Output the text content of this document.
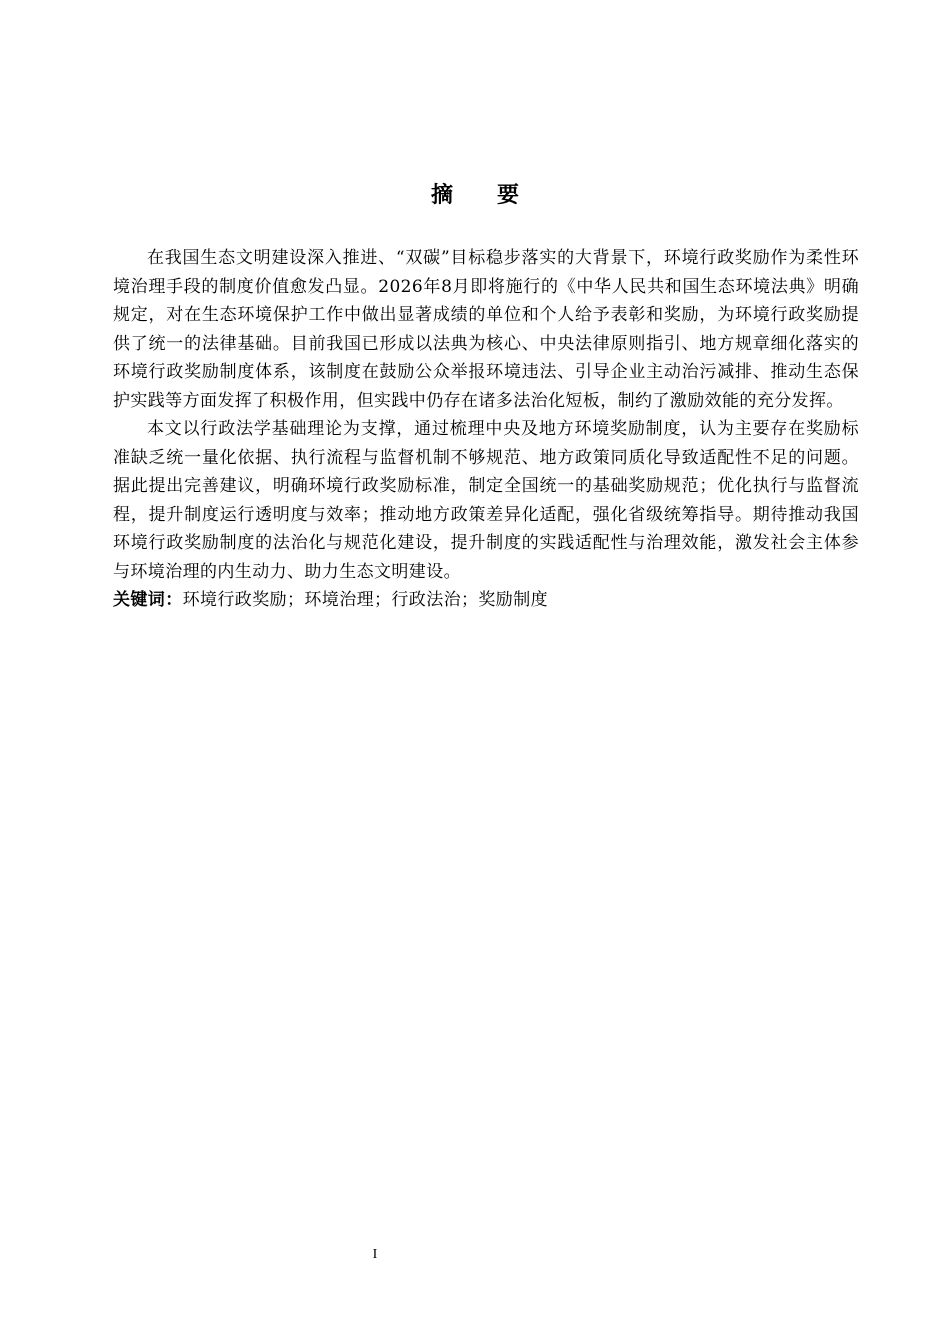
摘要

在我国生态文明建设深入推进、“双碳”目标稳步落实的大背景下，环境行政奖励作为柔性环境治理手段的制度价值愈发凸显。2026年8月即将施行的《中华人民共和国生态环境法典》明确规定，对在生态环境保护工作中做出显著成绩的单位和个人给予表彰和奖励，为环境行政奖励提供了统一的法律基础。目前我国已形成以法典为核心、中央法律原则指引、地方规章细化落实的环境行政奖励制度体系，该制度在鼓励公众举报环境违法、引导企业主动治污减排、推动生态保护实践等方面发挥了积极作用，但实践中仍存在诸多法治化短板，制约了激励效能的充分发挥。

本文以行政法学基础理论为支撑，通过梳理中央及地方环境奖励制度，认为主要存在奖励标准缺乏统一量化依据、执行流程与监督机制不够规范、地方政策同质化导致适配性不足的问题。据此提出完善建议，明确环境行政奖励标准，制定全国统一的基础奖励规范；优化执行与监督流程，提升制度运行透明度与效率；推动地方政策差异化适配，强化省级统筹指导。期待推动我国环境行政奖励制度的法治化与规范化建设，提升制度的实践适配性与治理效能，激发社会主体参与环境治理的内生动力、助力生态文明建设。

关键词：环境行政奖励；环境治理；行政法治；奖励制度

I
